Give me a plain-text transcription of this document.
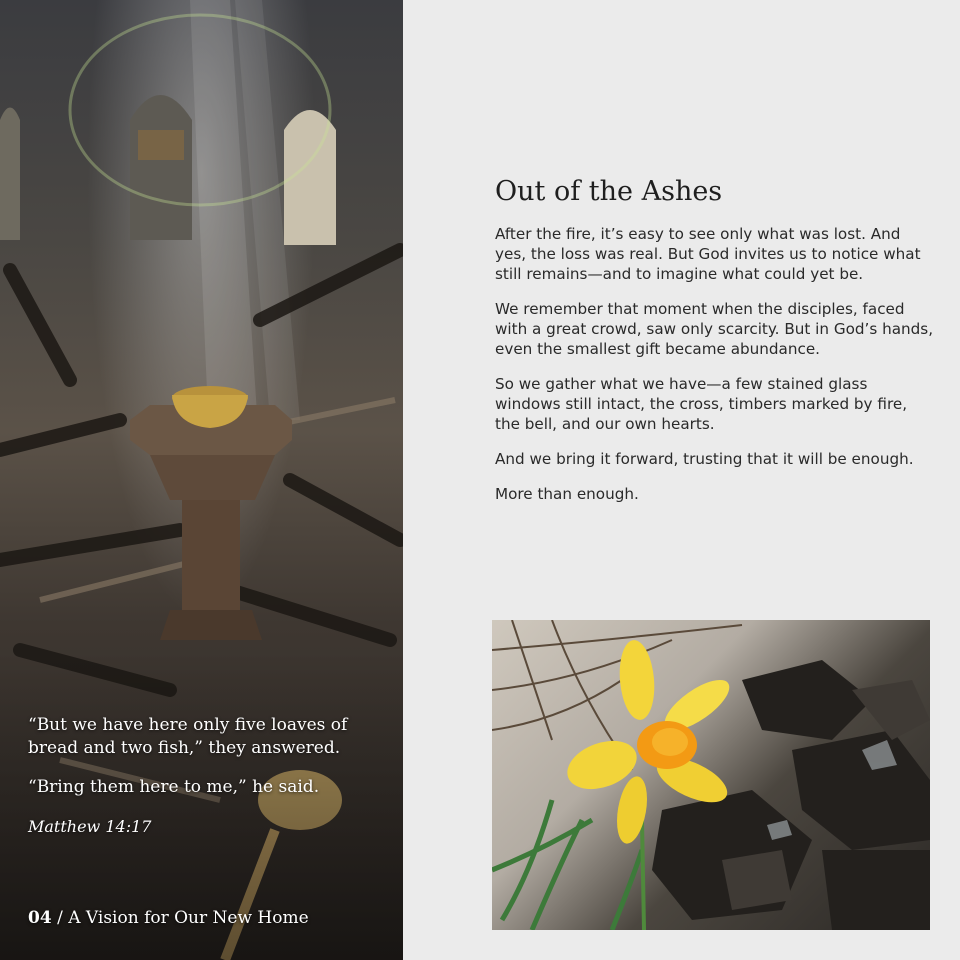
“But we have here only five loaves of bread and two fish,” they answered.

“Bring them here to me,” he said.

Matthew 14:17

04 / A Vision for Our New Home
Out of the Ashes

After the fire, it’s easy to see only what was lost. And yes, the loss was real. But God invites us to notice what still remains—and to imagine what could yet be.

We remember that moment when the disciples, faced with a great crowd, saw only scarcity. But in God’s hands, even the smallest gift became abundance.

So we gather what we have—a few stained glass windows still intact, the cross, timbers marked by fire, the bell, and our own hearts.

And we bring it forward, trusting that it will be enough.

More than enough.
